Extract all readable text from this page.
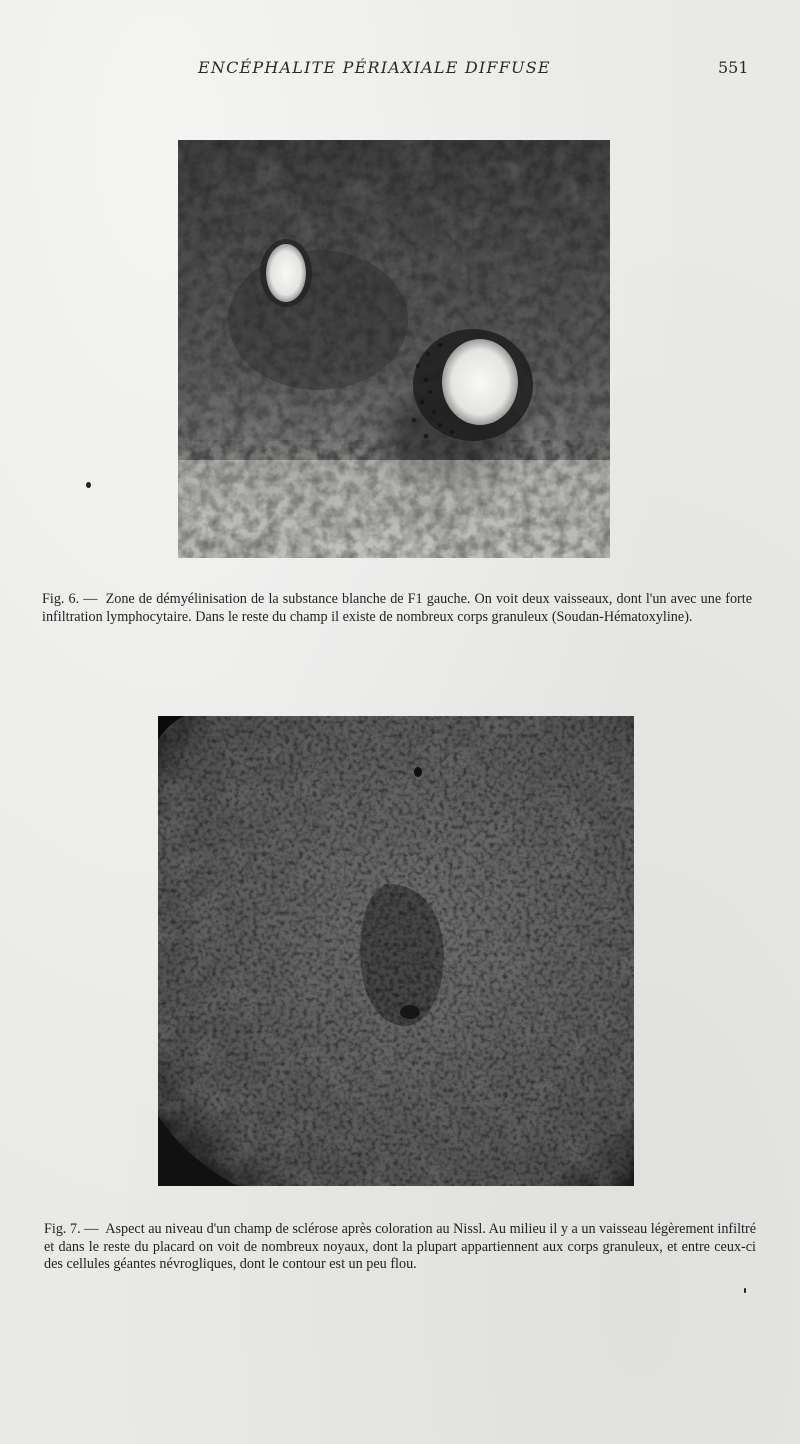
ENCÉPHALITE PÉRIAXIALE DIFFUSE	551
Fig. 6. — Zone de démyélinisation de la substance blanche de F1 gauche. On voit deux vaisseaux, dont l'un avec une forte infiltration lymphocytaire. Dans le reste du champ il existe de nombreux corps granuleux (Soudan-Hématoxyline).
Fig. 7. — Aspect au niveau d'un champ de sclérose après coloration au Nissl. Au milieu il y a un vaisseau légèrement infiltré et dans le reste du placard on voit de nombreux noyaux, dont la plupart appartiennent aux corps granuleux, et entre ceux-ci des cellules géantes névrogliques, dont le contour est un peu flou.
